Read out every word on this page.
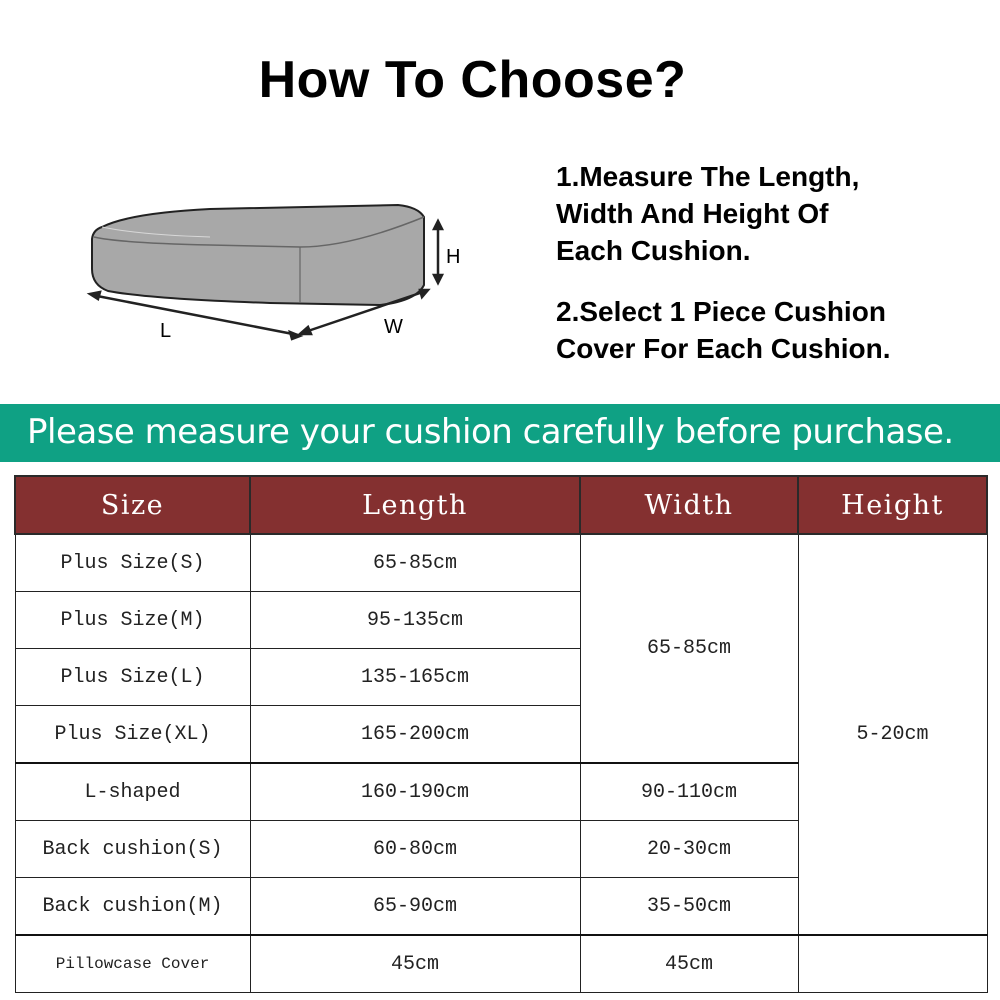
How To Choose?
L	W
H

1.Measure The Length,
Width And Height Of
Each Cushion.

2.Select 1 Piece Cushion
Cover For Each Cushion.

Please measure your cushion carefully before purchase.
Size	Length	Width	Height
Plus Size(S)	65-85cm	65-85cm	5-20cm
Plus Size(M)	95-135cm		
Plus Size(L)	135-165cm		
Plus Size(XL)	165-200cm		
L-shaped	160-190cm	90-110cm	
Back cushion(S)	60-80cm	20-30cm	
Back cushion(M)	65-90cm	35-50cm	
Pillowcase Cover	45cm	45cm	
